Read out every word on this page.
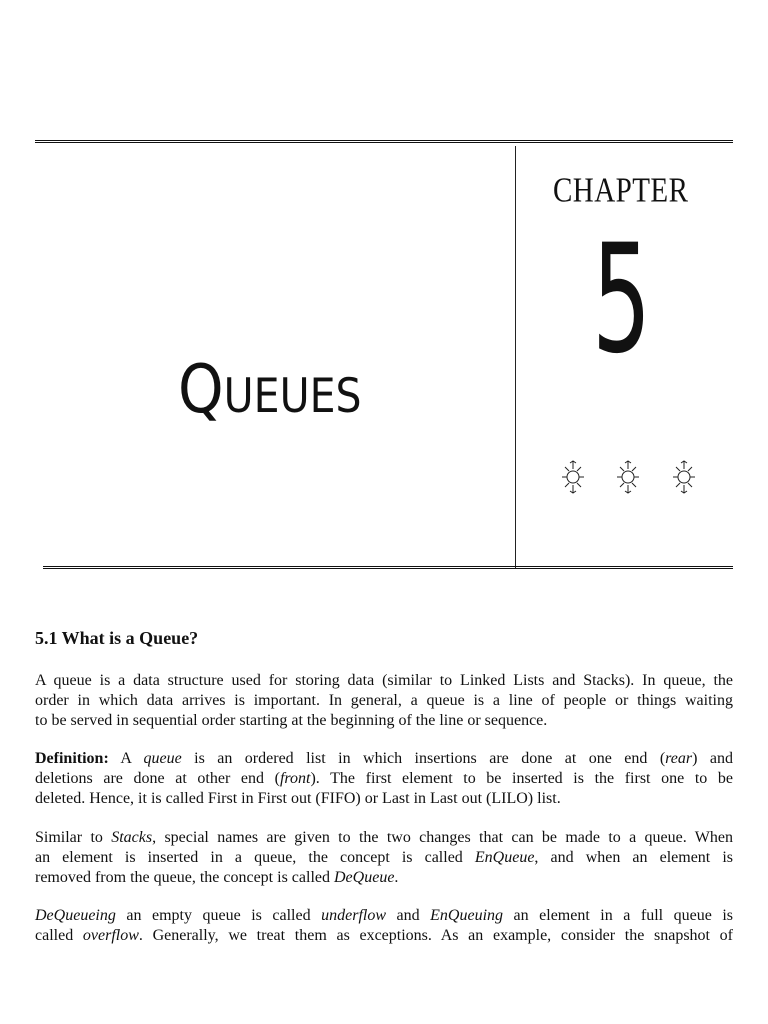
Queues
CHAPTER
5
5.1 What is a Queue?
A queue is a data structure used for storing data (similar to Linked Lists and Stacks). In queue, the
order in which data arrives is important. In general, a queue is a line of people or things waiting
to be served in sequential order starting at the beginning of the line or sequence.
Definition: A queue is an ordered list in which insertions are done at one end (rear) and
deletions are done at other end (front). The first element to be inserted is the first one to be
deleted. Hence, it is called First in First out (FIFO) or Last in Last out (LILO) list.
Similar to Stacks, special names are given to the two changes that can be made to a queue. When
an element is inserted in a queue, the concept is called EnQueue, and when an element is
removed from the queue, the concept is called DeQueue.
DeQueueing an empty queue is called underflow and EnQueuing an element in a full queue is
called overflow. Generally, we treat them as exceptions. As an example, consider the snapshot of
